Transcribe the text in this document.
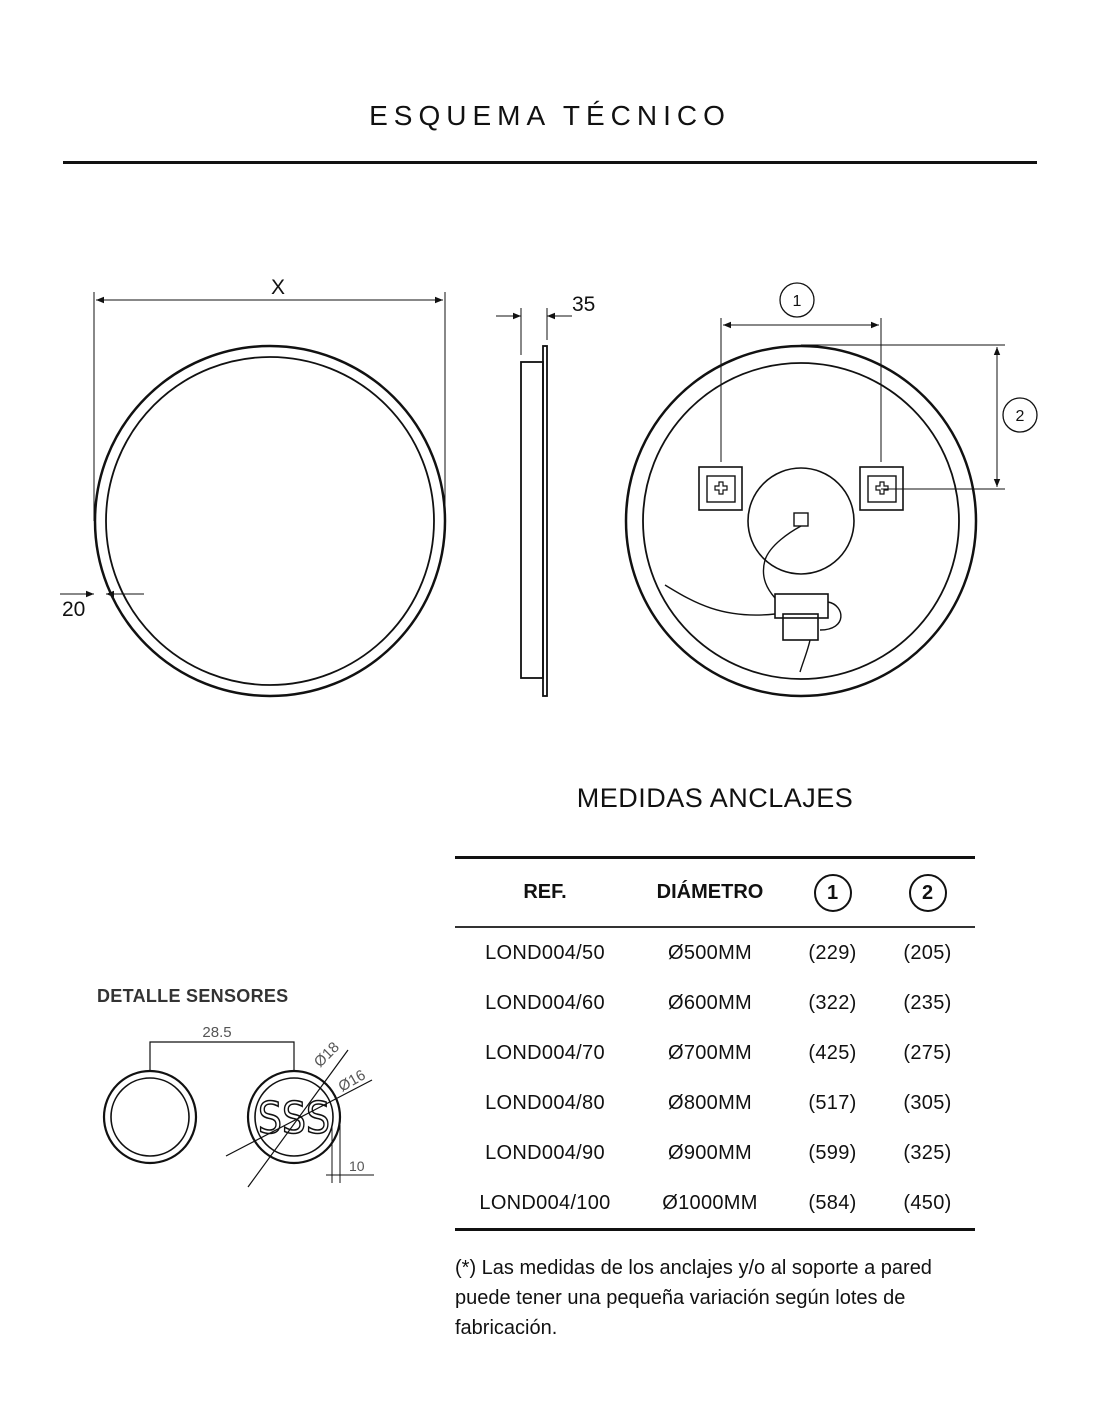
ESQUEMA TÉCNICO
X
20
35	1
2
28.5
Ø18
Ø16
10
SSS
DETALLE SENSORES
MEDIDAS ANCLAJES
REF.	DIÁMETRO	1	2
LOND004/50	Ø500MM	(229)	(205)
LOND004/60	Ø600MM	(322)	(235)
LOND004/70	Ø700MM	(425)	(275)
LOND004/80	Ø800MM	(517)	(305)
LOND004/90	Ø900MM	(599)	(325)
LOND004/100	Ø1000MM	(584)	(450)
(*) Las medidas de los anclajes y/o al soporte a pared puede tener una pequeña variación según lotes de fabricación.
